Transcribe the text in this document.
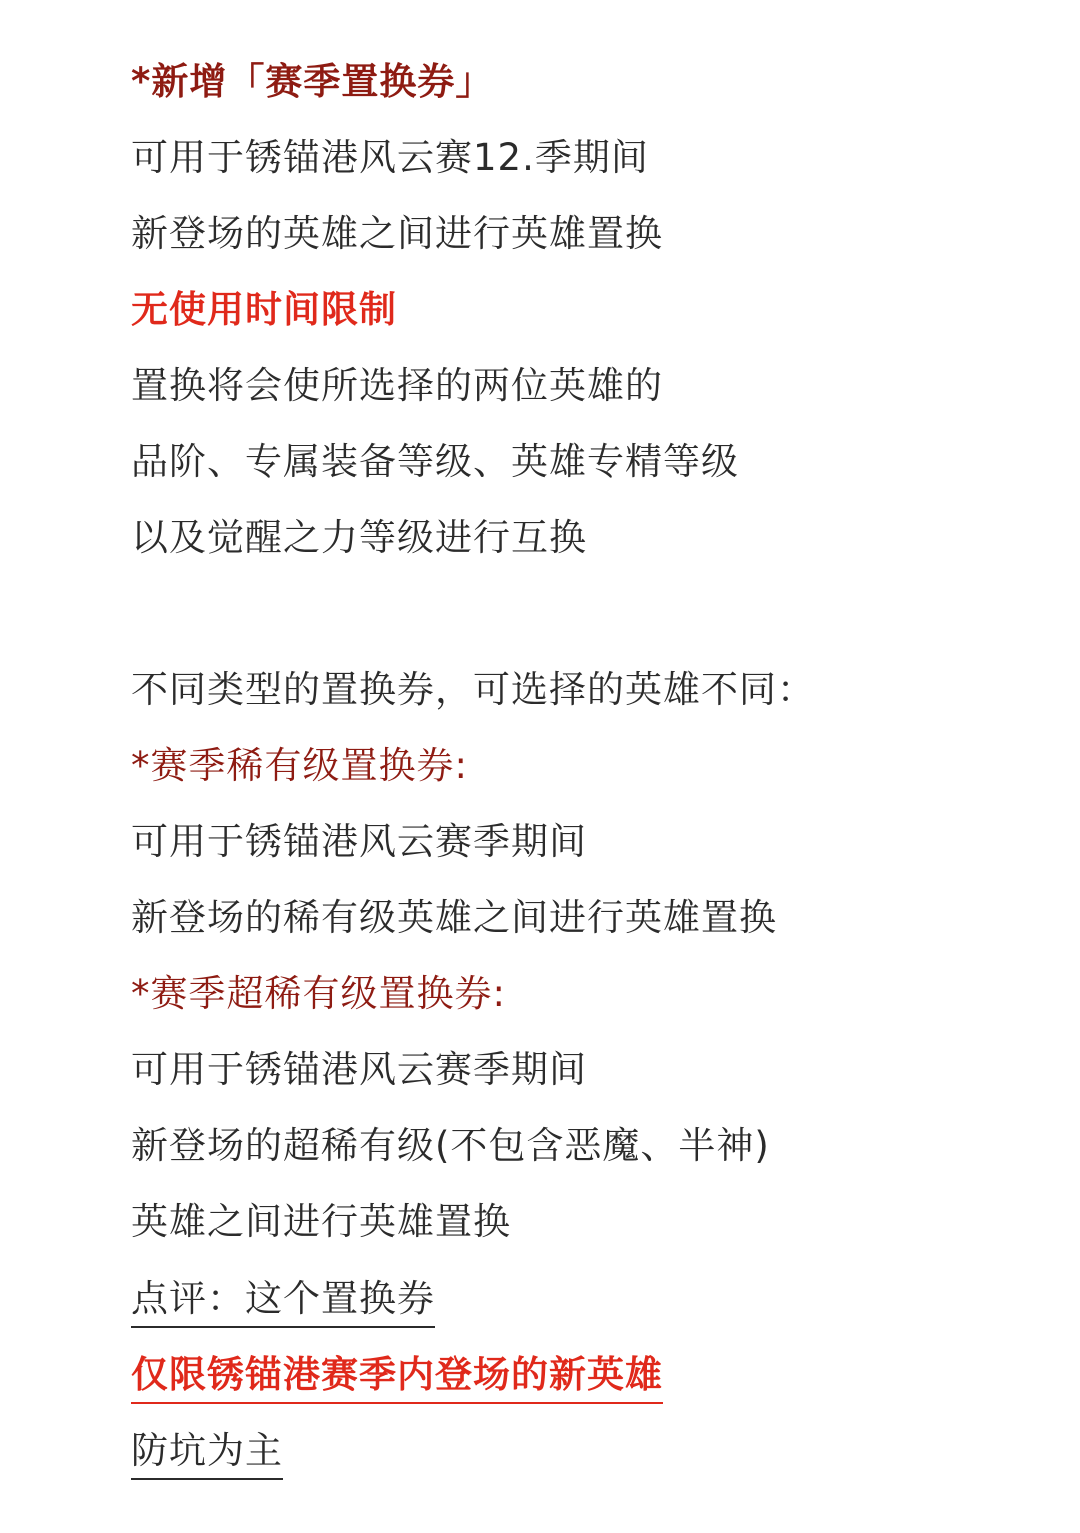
*新增「赛季置换券」
可用于锈锚港风云赛12.季期间
新登场的英雄之间进行英雄置换
无使用时间限制
置换将会使所选择的两位英雄的
品阶、专属装备等级、英雄专精等级
以及觉醒之力等级进行互换
不同类型的置换券，可选择的英雄不同：
*赛季稀有级置换券:
可用于锈锚港风云赛季期间
新登场的稀有级英雄之间进行英雄置换
*赛季超稀有级置换券:
可用于锈锚港风云赛季期间
新登场的超稀有级(不包含恶魔、半神)
英雄之间进行英雄置换
点评：这个置换券
仅限锈锚港赛季内登场的新英雄
防坑为主
